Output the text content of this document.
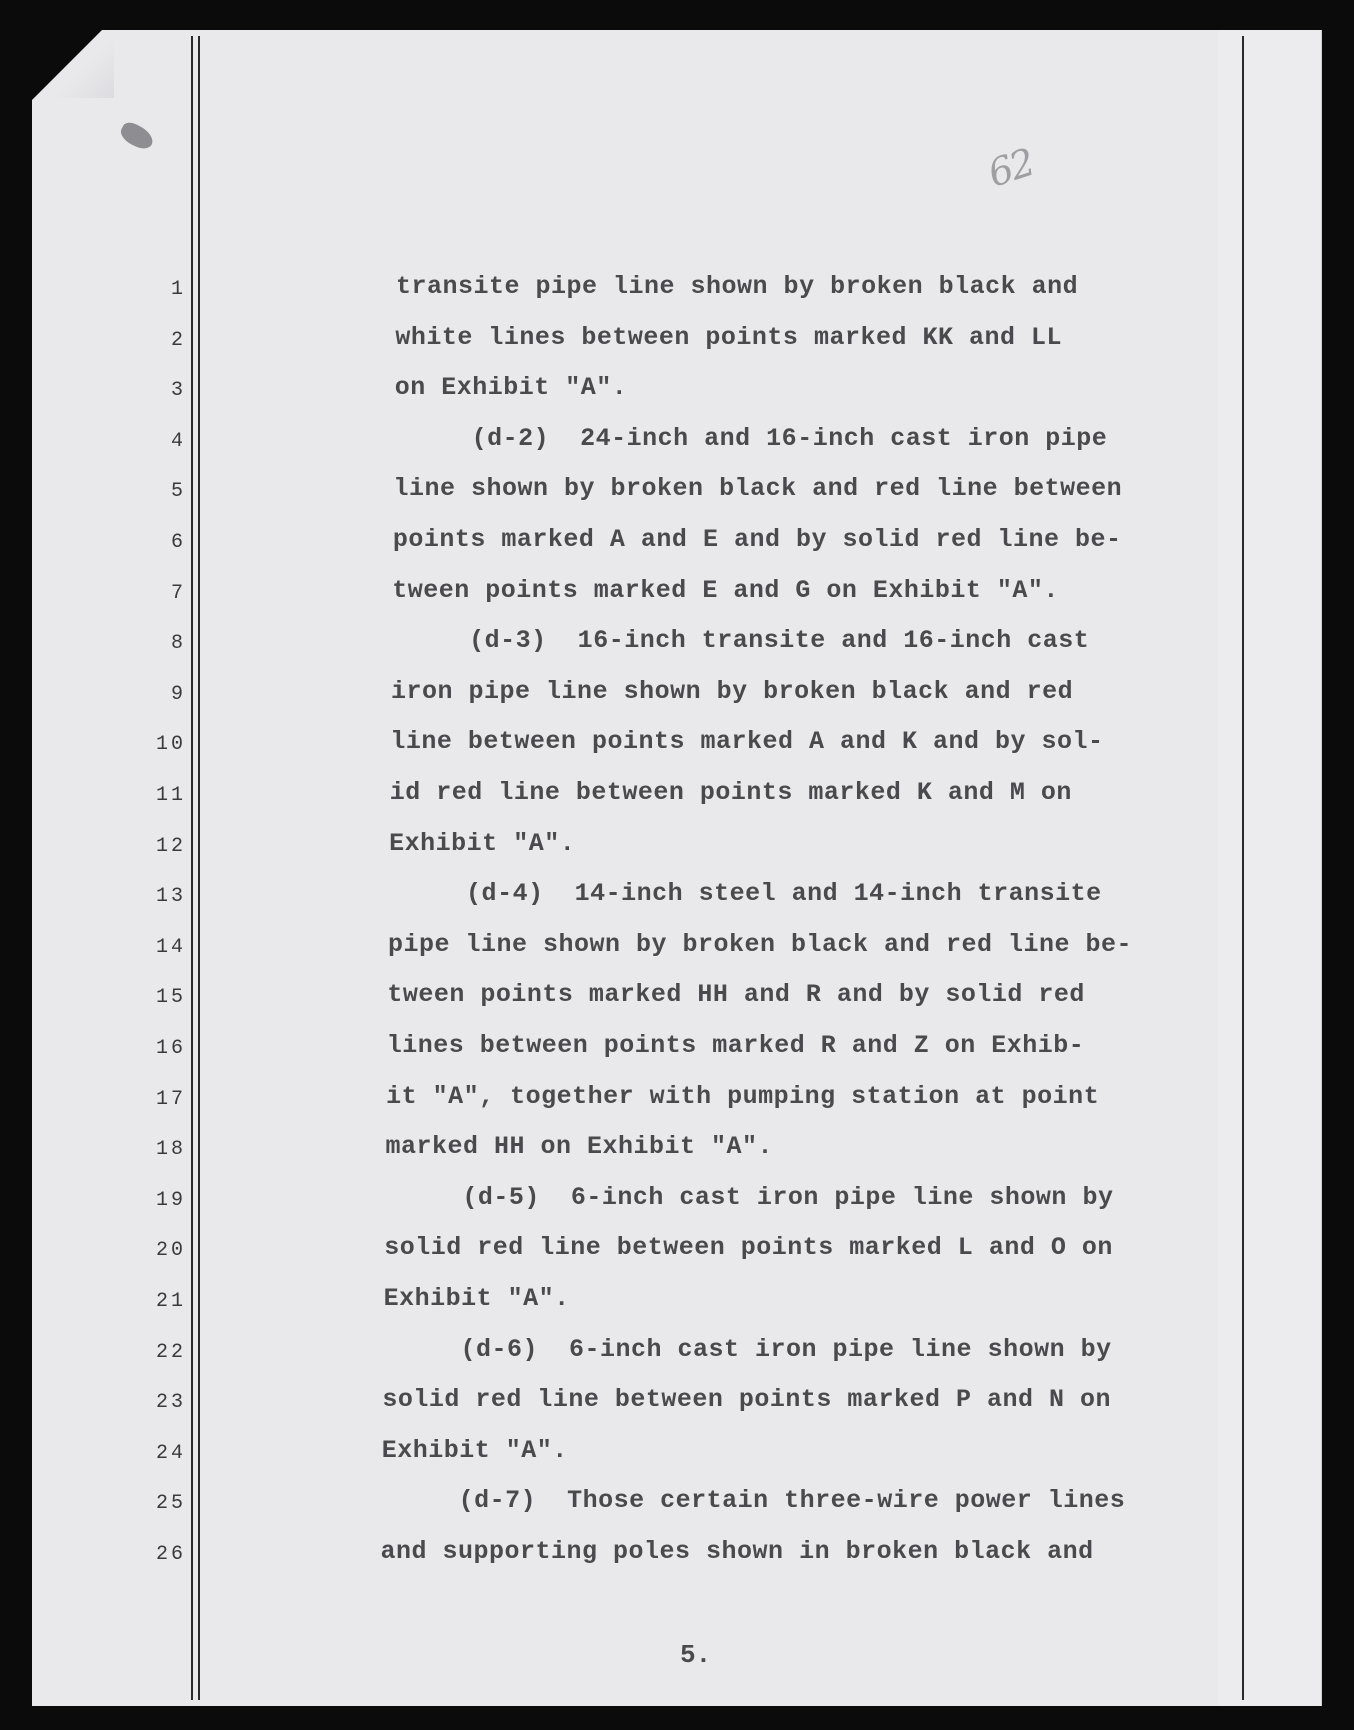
62
1
2
3
4
5
6
7
8
9
10
11
12
13
14
15
16
17
18
19
20
21
22
23
24
25
26
transite pipe line shown by broken black and
white lines between points marked KK and LL
on Exhibit "A".
(d-2)  24-inch and 16-inch cast iron pipe
line shown by broken black and red line between
points marked A and E and by solid red line be-
tween points marked E and G on Exhibit "A".
(d-3)  16-inch transite and 16-inch cast
iron pipe line shown by broken black and red
line between points marked A and K and by sol-
id red line between points marked K and M on
Exhibit "A".
(d-4)  14-inch steel and 14-inch transite
pipe line shown by broken black and red line be-
tween points marked HH and R and by solid red
lines between points marked R and Z on Exhib-
it "A", together with pumping station at point
marked HH on Exhibit "A".
(d-5)  6-inch cast iron pipe line shown by
solid red line between points marked L and O on
Exhibit "A".
(d-6)  6-inch cast iron pipe line shown by
solid red line between points marked P and N on
Exhibit "A".
(d-7)  Those certain three-wire power lines
and supporting poles shown in broken black and
5.
